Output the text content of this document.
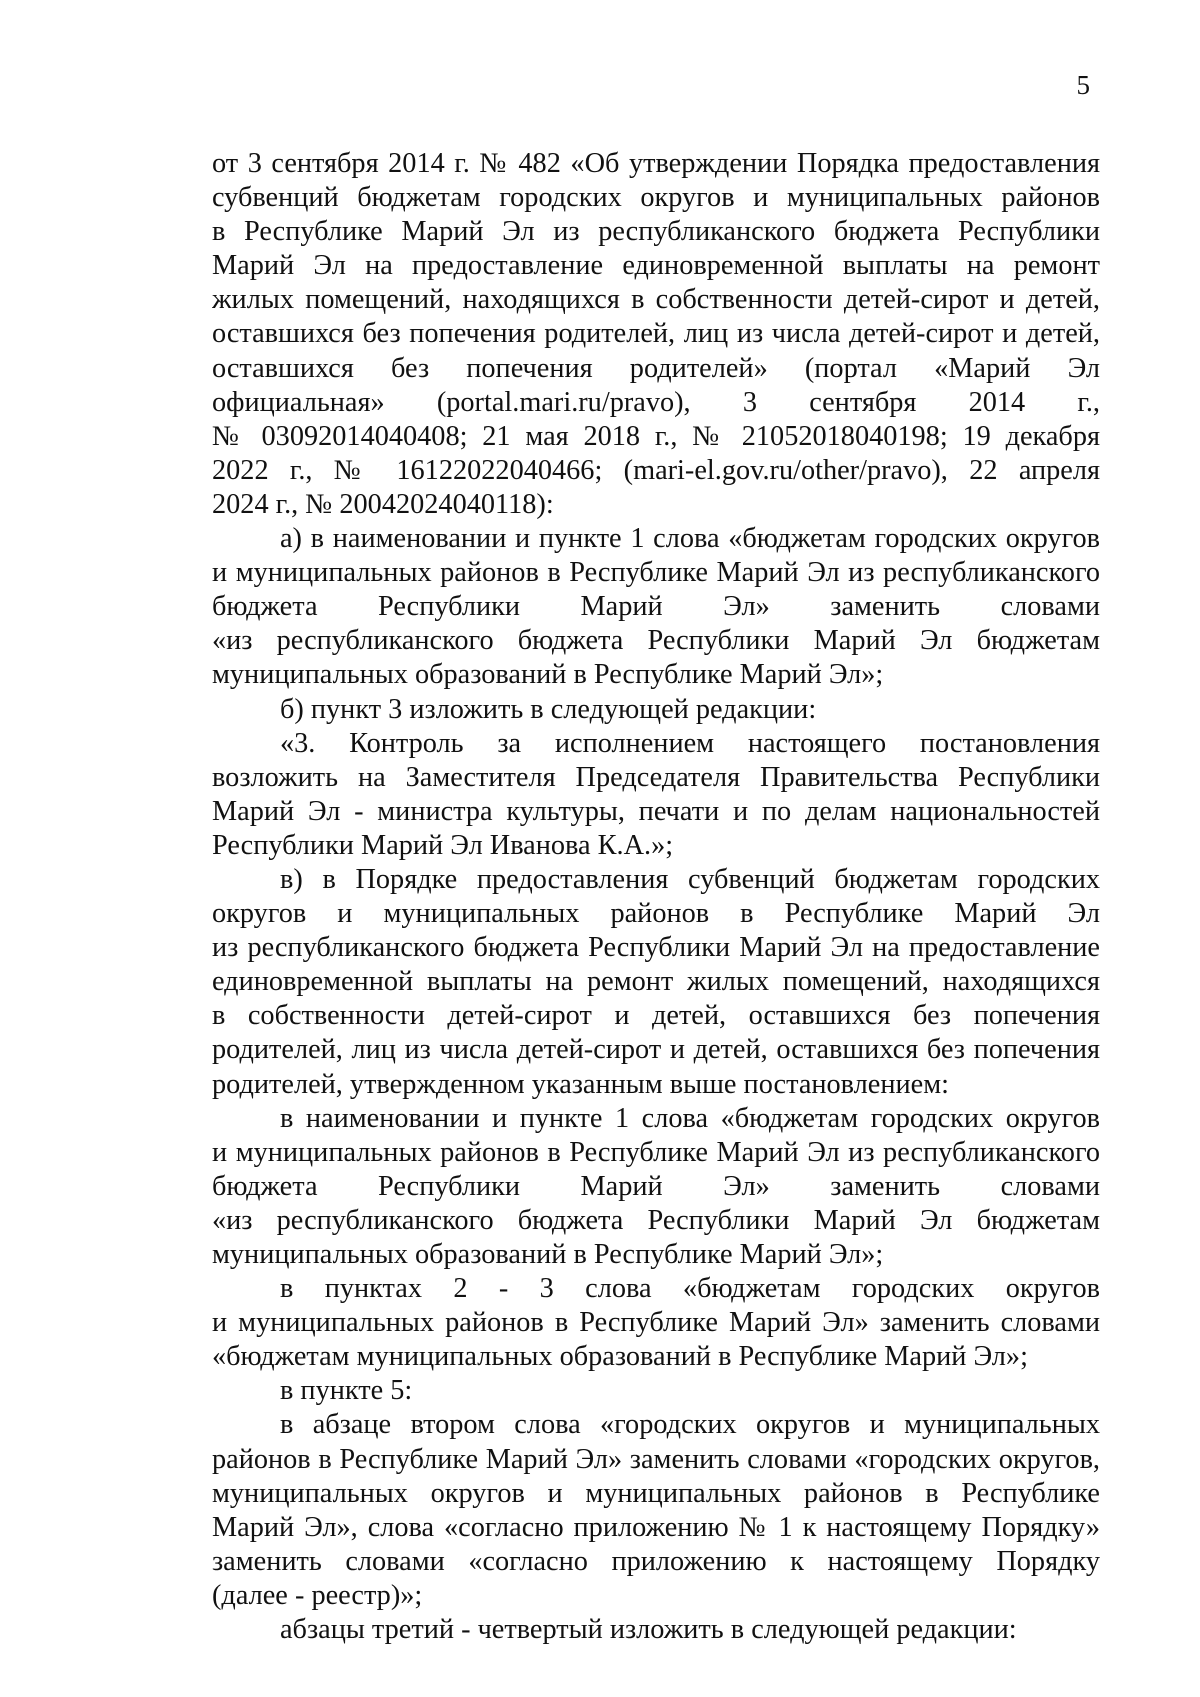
5
от 3 сентября 2014 г. № 482 «Об утверждении Порядка предоставления
субвенций бюджетам городских округов и муниципальных районов
в Республике Марий Эл из республиканского бюджета Республики
Марий Эл на предоставление единовременной выплаты на ремонт
жилых помещений, находящихся в собственности детей-сирот и детей,
оставшихся без попечения родителей, лиц из числа детей-сирот и детей,
оставшихся без попечения родителей» (портал «Марий Эл
официальная» (portal.mari.ru/pravo), 3 сентября 2014 г.,
№ 03092014040408; 21 мая 2018 г., № 21052018040198; 19 декабря
2022 г., № 16122022040466; (mari-el.gov.ru/other/pravo), 22 апреля
2024 г., № 20042024040118):
а) в наименовании и пункте 1 слова «бюджетам городских округов
и муниципальных районов в Республике Марий Эл из республиканского
бюджета Республики Марий Эл» заменить словами
«из республиканского бюджета Республики Марий Эл бюджетам
муниципальных образований в Республике Марий Эл»;
б) пункт 3 изложить в следующей редакции:
«3. Контроль за исполнением настоящего постановления
возложить на Заместителя Председателя Правительства Республики
Марий Эл - министра культуры, печати и по делам национальностей
Республики Марий Эл Иванова К.А.»;
в) в Порядке предоставления субвенций бюджетам городских
округов и муниципальных районов в Республике Марий Эл
из республиканского бюджета Республики Марий Эл на предоставление
единовременной выплаты на ремонт жилых помещений, находящихся
в собственности детей-сирот и детей, оставшихся без попечения
родителей, лиц из числа детей-сирот и детей, оставшихся без попечения
родителей, утвержденном указанным выше постановлением:
в наименовании и пункте 1 слова «бюджетам городских округов
и муниципальных районов в Республике Марий Эл из республиканского
бюджета Республики Марий Эл» заменить словами
«из республиканского бюджета Республики Марий Эл бюджетам
муниципальных образований в Республике Марий Эл»;
в пунктах 2 - 3 слова «бюджетам городских округов
и муниципальных районов в Республике Марий Эл» заменить словами
«бюджетам муниципальных образований в Республике Марий Эл»;
в пункте 5:
в абзаце втором слова «городских округов и муниципальных
районов в Республике Марий Эл» заменить словами «городских округов,
муниципальных округов и муниципальных районов в Республике
Марий Эл», слова «согласно приложению № 1 к настоящему Порядку»
заменить словами «согласно приложению к настоящему Порядку
(далее - реестр)»;
абзацы третий - четвертый изложить в следующей редакции:
